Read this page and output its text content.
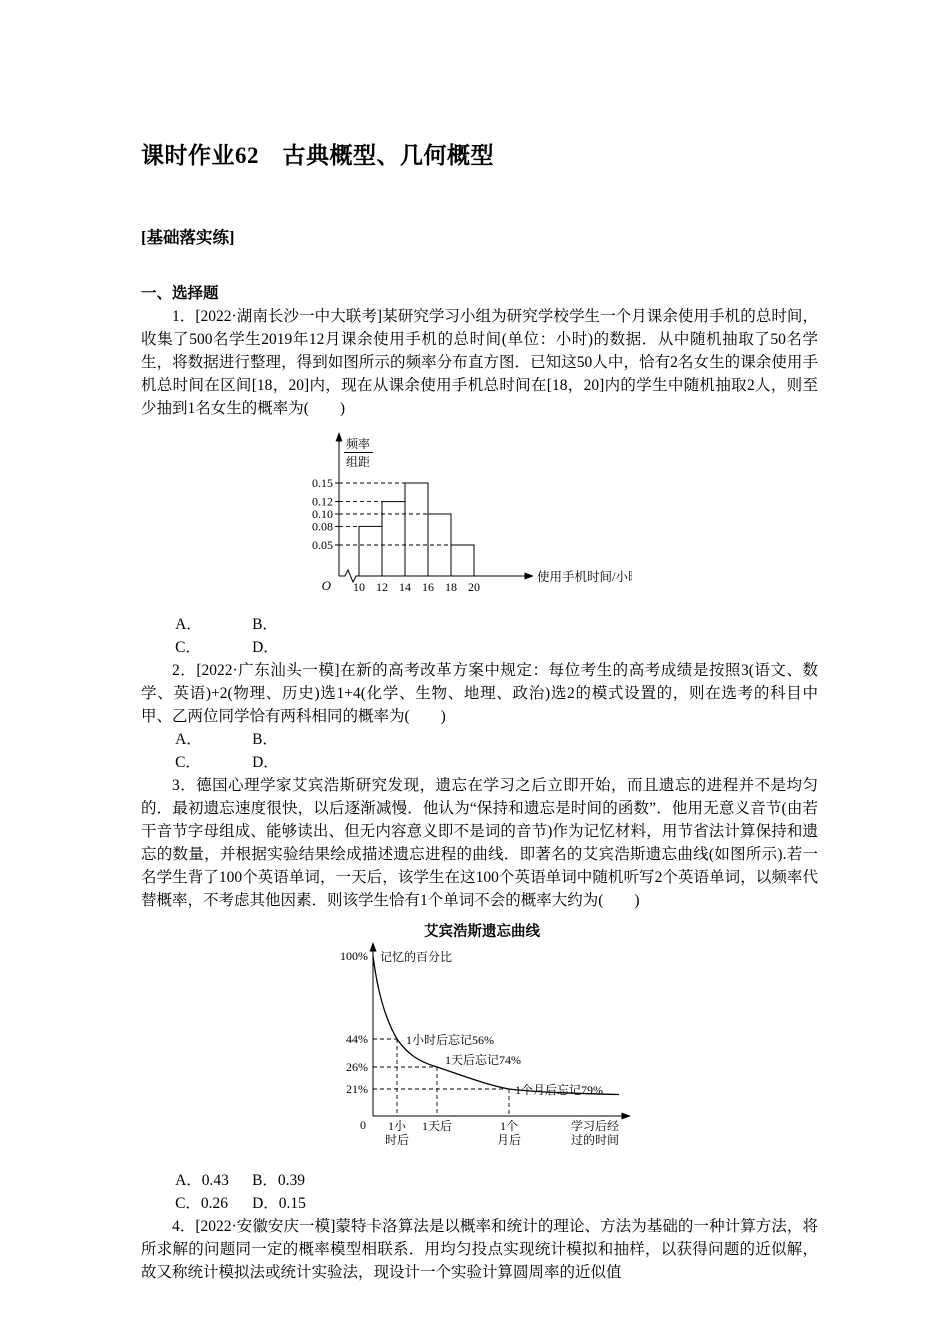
课时作业62　古典概型、几何概型

[基础落实练]

一、选择题

1．[2022·湖南长沙一中大联考]某研究学习小组为研究学校学生一个月课余使用手机的总时间，收集了500名学生2019年12月课余使用手机的总时间(单位：小时)的数据．从中随机抽取了50名学生，将数据进行整理，得到如图所示的频率分布直方图．已知这50人中，恰有2名女生的课余使用手机总时间在区间[18，20]内，现在从课余使用手机总时间在[18，20]内的学生中随机抽取2人，则至少抽到1名女生的概率为(　　)

0.05
0.08
0.10
0.12
0.15
10 12 14 16 18 20
O
频率
组距
使用手机时间/小时
A．	B．
C．	D．

2．[2022·广东汕头一模]在新的高考改革方案中规定：每位考生的高考成绩是按照3(语文、数学、英语)+2(物理、历史)选1+4(化学、生物、地理、政治)选2的模式设置的，则在选考的科目中甲、乙两位同学恰有两科相同的概率为(　　)

A．	B．
C．	D．

3．德国心理学家艾宾浩斯研究发现，遗忘在学习之后立即开始，而且遗忘的进程并不是均匀的．最初遗忘速度很快，以后逐渐减慢．他认为“保持和遗忘是时间的函数”．他用无意义音节(由若干音节字母组成、能够读出、但无内容意义即不是词的音节)作为记忆材料，用节省法计算保持和遗忘的数量，并根据实验结果绘成描述遗忘进程的曲线．即著名的艾宾浩斯遗忘曲线(如图所示).若一名学生背了100个英语单词，一天后，该学生在这100个英语单词中随机听写2个英语单词，以频率代替概率，不考虑其他因素．则该学生恰有1个单词不会的概率大约为(　　)

艾宾浩斯遗忘曲线
100%
44%
26%
21%
记忆的百分比
1小时后忘记56%
1天后忘记74%
1个月后忘记79%
1小
时后
1天后	1个
月后
学习后经
过的时间
0
A．0.43 B．0.39
C．0.26 D．0.15

4．[2022·安徽安庆一模]蒙特卡洛算法是以概率和统计的理论、方法为基础的一种计算方法，将所求解的问题同一定的概率模型相联系．用均匀投点实现统计模拟和抽样，以获得问题的近似解，故又称统计模拟法或统计实验法，现设计一个实验计算圆周率的近似值
